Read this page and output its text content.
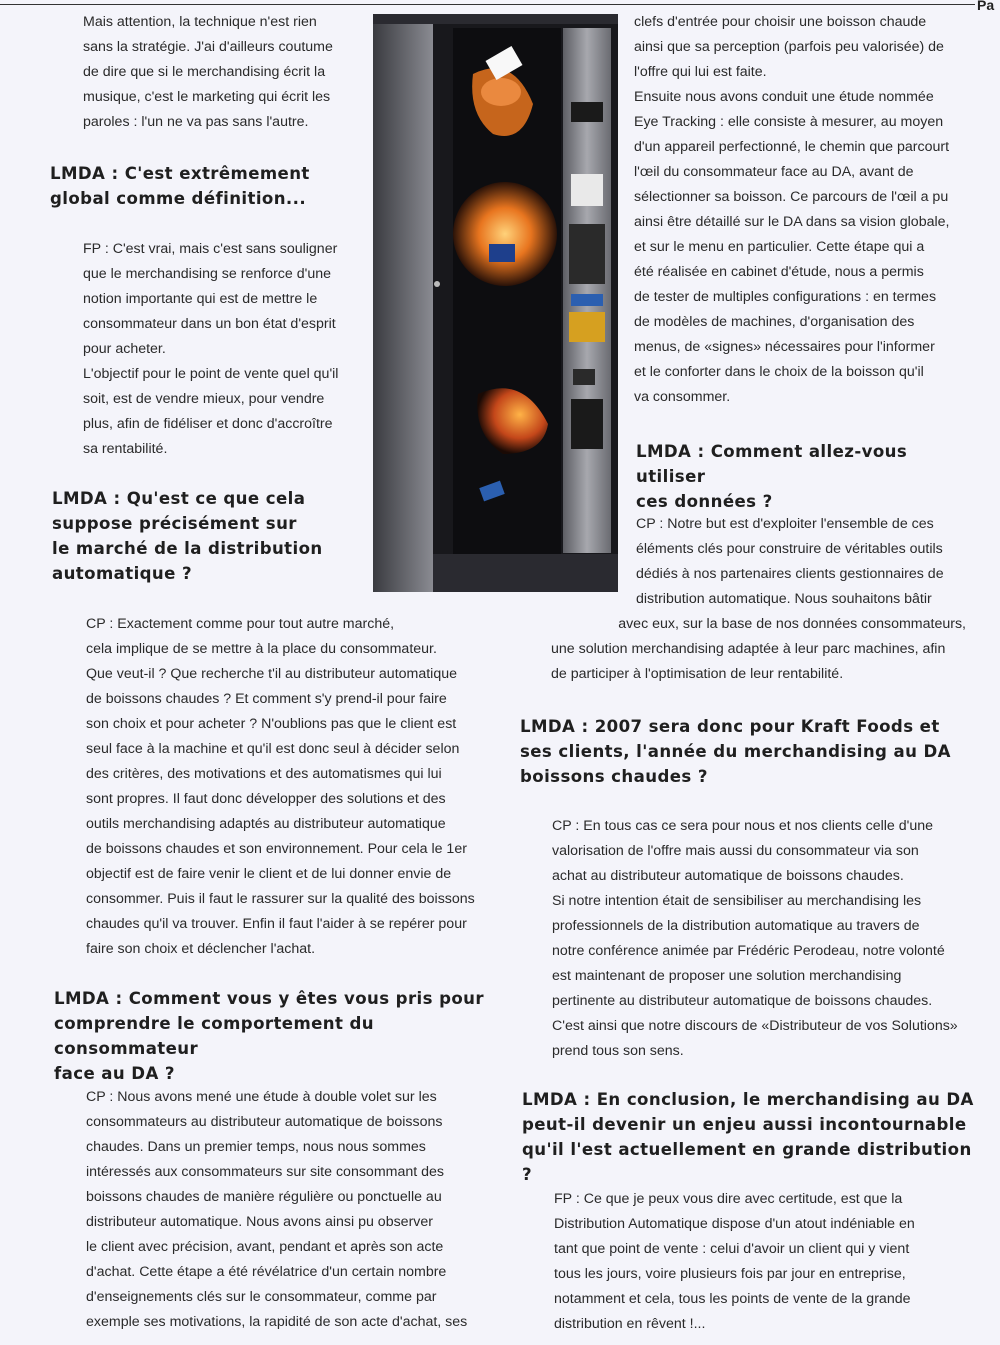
Pa

Mais attention, la technique n'est rien

sans la stratégie. J'ai d'ailleurs coutume

de dire que si le merchandising écrit la

musique, c'est le marketing qui écrit les

paroles : l'un ne va pas sans l'autre.

LMDA : C'est extrêmement

global comme définition...

FP : C'est vrai, mais c'est sans souligner

que le merchandising se renforce d'une

notion importante qui est de mettre le

consommateur dans un bon état d'esprit

pour acheter.

L'objectif pour le point de vente quel qu'il

soit, est de vendre mieux, pour vendre

plus, afin de fidéliser et donc d'accroître

sa rentabilité.

LMDA : Qu'est ce que cela

suppose précisément sur

le marché de la distribution

automatique ?

CP : Exactement comme pour tout autre marché,

cela implique de se mettre à la place du consommateur.

Que veut-il ? Que recherche t'il au distributeur automatique

de boissons chaudes ? Et comment s'y prend-il pour faire

son choix et pour acheter ? N'oublions pas que le client est

seul face à la machine et qu'il est donc seul à décider selon

des critères, des motivations et des automatismes qui lui

sont propres. Il faut donc développer des solutions et des

outils merchandising adaptés au distributeur automatique

de boissons chaudes et son environnement. Pour cela le 1er

objectif est de faire venir le client et de lui donner envie de

consommer. Puis il faut le rassurer sur la qualité des boissons

chaudes qu'il va trouver. Enfin il faut l'aider à se repérer pour

faire son choix et déclencher l'achat.

LMDA : Comment vous y êtes vous pris pour

comprendre le comportement du consommateur

face au DA ?

CP : Nous avons mené une étude à double volet sur les

consommateurs au distributeur automatique de boissons

chaudes. Dans un premier temps, nous nous sommes

intéressés aux consommateurs sur site consommant des

boissons chaudes de manière régulière ou ponctuelle au

distributeur automatique. Nous avons ainsi pu observer

le client avec précision, avant, pendant et après son acte

d'achat. Cette étape a été révélatrice d'un certain nombre

d'enseignements clés sur le consommateur, comme par

exemple ses motivations, la rapidité de son acte d'achat, ses

clefs d'entrée pour choisir une boisson chaude

ainsi que sa perception (parfois peu valorisée) de

l'offre qui lui est faite.

Ensuite nous avons conduit une étude nommée

Eye Tracking : elle consiste à mesurer, au moyen

d'un appareil perfectionné, le chemin que parcourt

l'œil du consommateur face au DA, avant de

sélectionner sa boisson. Ce parcours de l'œil a pu

ainsi être détaillé sur le DA dans sa vision globale,

et sur le menu en particulier. Cette étape qui a

été réalisée en cabinet d'étude, nous a permis

de tester de multiples configurations : en termes

de modèles de machines, d'organisation des

menus, de «signes» nécessaires pour l'informer

et le conforter dans le choix de la boisson qu'il

va consommer.

LMDA : Comment allez-vous utiliser

ces données ?

CP : Notre but est d'exploiter l'ensemble de ces

éléments clés pour construire de véritables outils

dédiés à nos partenaires clients gestionnaires de

distribution automatique. Nous souhaitons bâtir

avec eux, sur la base de nos données consommateurs,

une solution merchandising adaptée à leur parc machines, afin

de participer à l'optimisation de leur rentabilité.

LMDA : 2007 sera donc pour Kraft Foods et

ses clients, l'année du merchandising au DA

boissons chaudes ?

CP : En tous cas ce sera pour nous et nos clients celle d'une

valorisation de l'offre mais aussi du consommateur via son

achat au distributeur automatique de boissons chaudes.

Si notre intention était de sensibiliser au merchandising les

professionnels de la distribution automatique au travers de

notre conférence animée par Frédéric Perodeau, notre volonté

est maintenant de proposer une solution merchandising

pertinente au distributeur automatique de boissons chaudes.

C'est ainsi que notre discours de «Distributeur de vos Solutions»

prend tous son sens.

LMDA : En conclusion, le merchandising au DA

peut-il devenir un enjeu aussi incontournable

qu'il l'est actuellement en grande distribution ?

FP : Ce que je peux vous dire avec certitude, est que la

Distribution Automatique dispose d'un atout indéniable en

tant que point de vente : celui d'avoir un client qui y vient

tous les jours, voire plusieurs fois par jour en entreprise,

notamment et cela, tous les points de vente de la grande

distribution en rêvent !...
